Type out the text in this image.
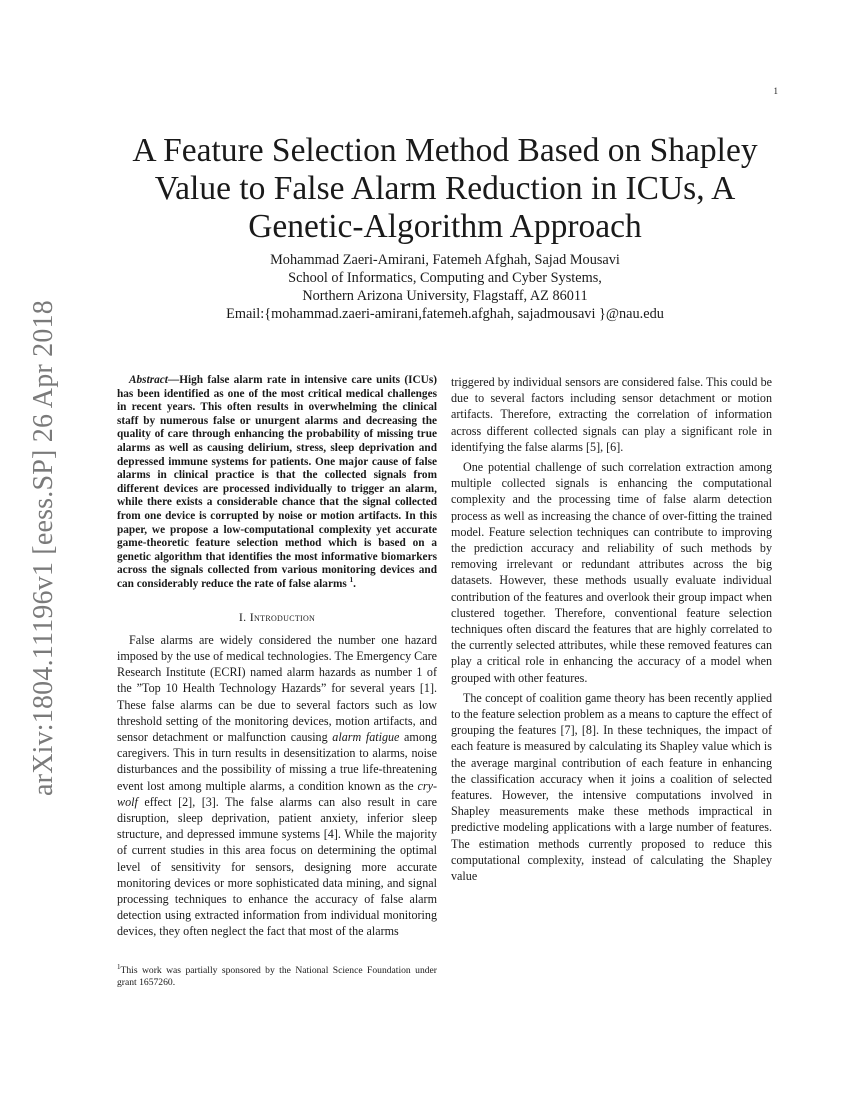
1
arXiv:1804.11196v1 [eess.SP] 26 Apr 2018
A Feature Selection Method Based on Shapley
Value to False Alarm Reduction in ICUs, A
Genetic-Algorithm Approach
Mohammad Zaeri-Amirani, Fatemeh Afghah, Sajad Mousavi
School of Informatics, Computing and Cyber Systems,
Northern Arizona University, Flagstaff, AZ 86011
Email:{mohammad.zaeri-amirani,fatemeh.afghah, sajadmousavi }@nau.edu

Abstract—High false alarm rate in intensive care units (ICUs) has been identified as one of the most critical medical challenges in recent years. This often results in overwhelming the clinical staff by numerous false or unurgent alarms and decreasing the quality of care through enhancing the probability of missing true alarms as well as causing delirium, stress, sleep deprivation and depressed immune systems for patients. One major cause of false alarms in clinical practice is that the collected signals from different devices are processed individually to trigger an alarm, while there exists a considerable chance that the signal collected from one device is corrupted by noise or motion artifacts. In this paper, we propose a low-computational complexity yet accurate game-theoretic feature selection method which is based on a genetic algorithm that identifies the most informative biomarkers across the signals collected from various monitoring devices and can considerably reduce the rate of false alarms $^1$.

I. Introduction

False alarms are widely considered the number one hazard imposed by the use of medical technologies. The Emergency Care Research Institute (ECRI) named alarm hazards as number 1 of the ”Top 10 Health Technology Hazards” for several years [1]. These false alarms can be due to several factors such as low threshold setting of the monitoring devices, motion artifacts, and sensor detachment or malfunction causing alarm fatigue among caregivers. This in turn results in desensitization to alarms, noise disturbances and the possibility of missing a true life-threatening event lost among multiple alarms, a condition known as the cry-wolf effect [2], [3]. The false alarms can also result in care disruption, sleep deprivation, patient anxiety, inferior sleep structure, and depressed immune systems [4]. While the majority of current studies in this area focus on determining the optimal level of sensitivity for sensors, designing more accurate monitoring devices or more sophisticated data mining, and signal processing techniques to enhance the accuracy of false alarm detection using extracted information from individual monitoring devices, they often neglect the fact that most of the alarms

$^1$This work was partially sponsored by the National Science Foundation under grant 1657260.

triggered by individual sensors are considered false. This could be due to several factors including sensor detachment or motion artifacts. Therefore, extracting the correlation of information across different collected signals can play a significant role in identifying the false alarms [5], [6].

One potential challenge of such correlation extraction among multiple collected signals is enhancing the computational complexity and the processing time of false alarm detection process as well as increasing the chance of over-fitting the trained model. Feature selection techniques can contribute to improving the prediction accuracy and reliability of such methods by removing irrelevant or redundant attributes across the big datasets. However, these methods usually evaluate individual contribution of the features and overlook their group impact when clustered together. Therefore, conventional feature selection techniques often discard the features that are highly correlated to the currently selected attributes, while these removed features can play a critical role in enhancing the accuracy of a model when grouped with other features.

The concept of coalition game theory has been recently applied to the feature selection problem as a means to capture the effect of grouping the features [7], [8]. In these techniques, the impact of each feature is measured by calculating its Shapley value which is the average marginal contribution of each feature in enhancing the classification accuracy when it joins a coalition of selected features. However, the intensive computations involved in Shapley measurements make these methods impractical in predictive modeling applications with a large number of features. The estimation methods currently proposed to reduce this computational complexity, instead of calculating the Shapley value
